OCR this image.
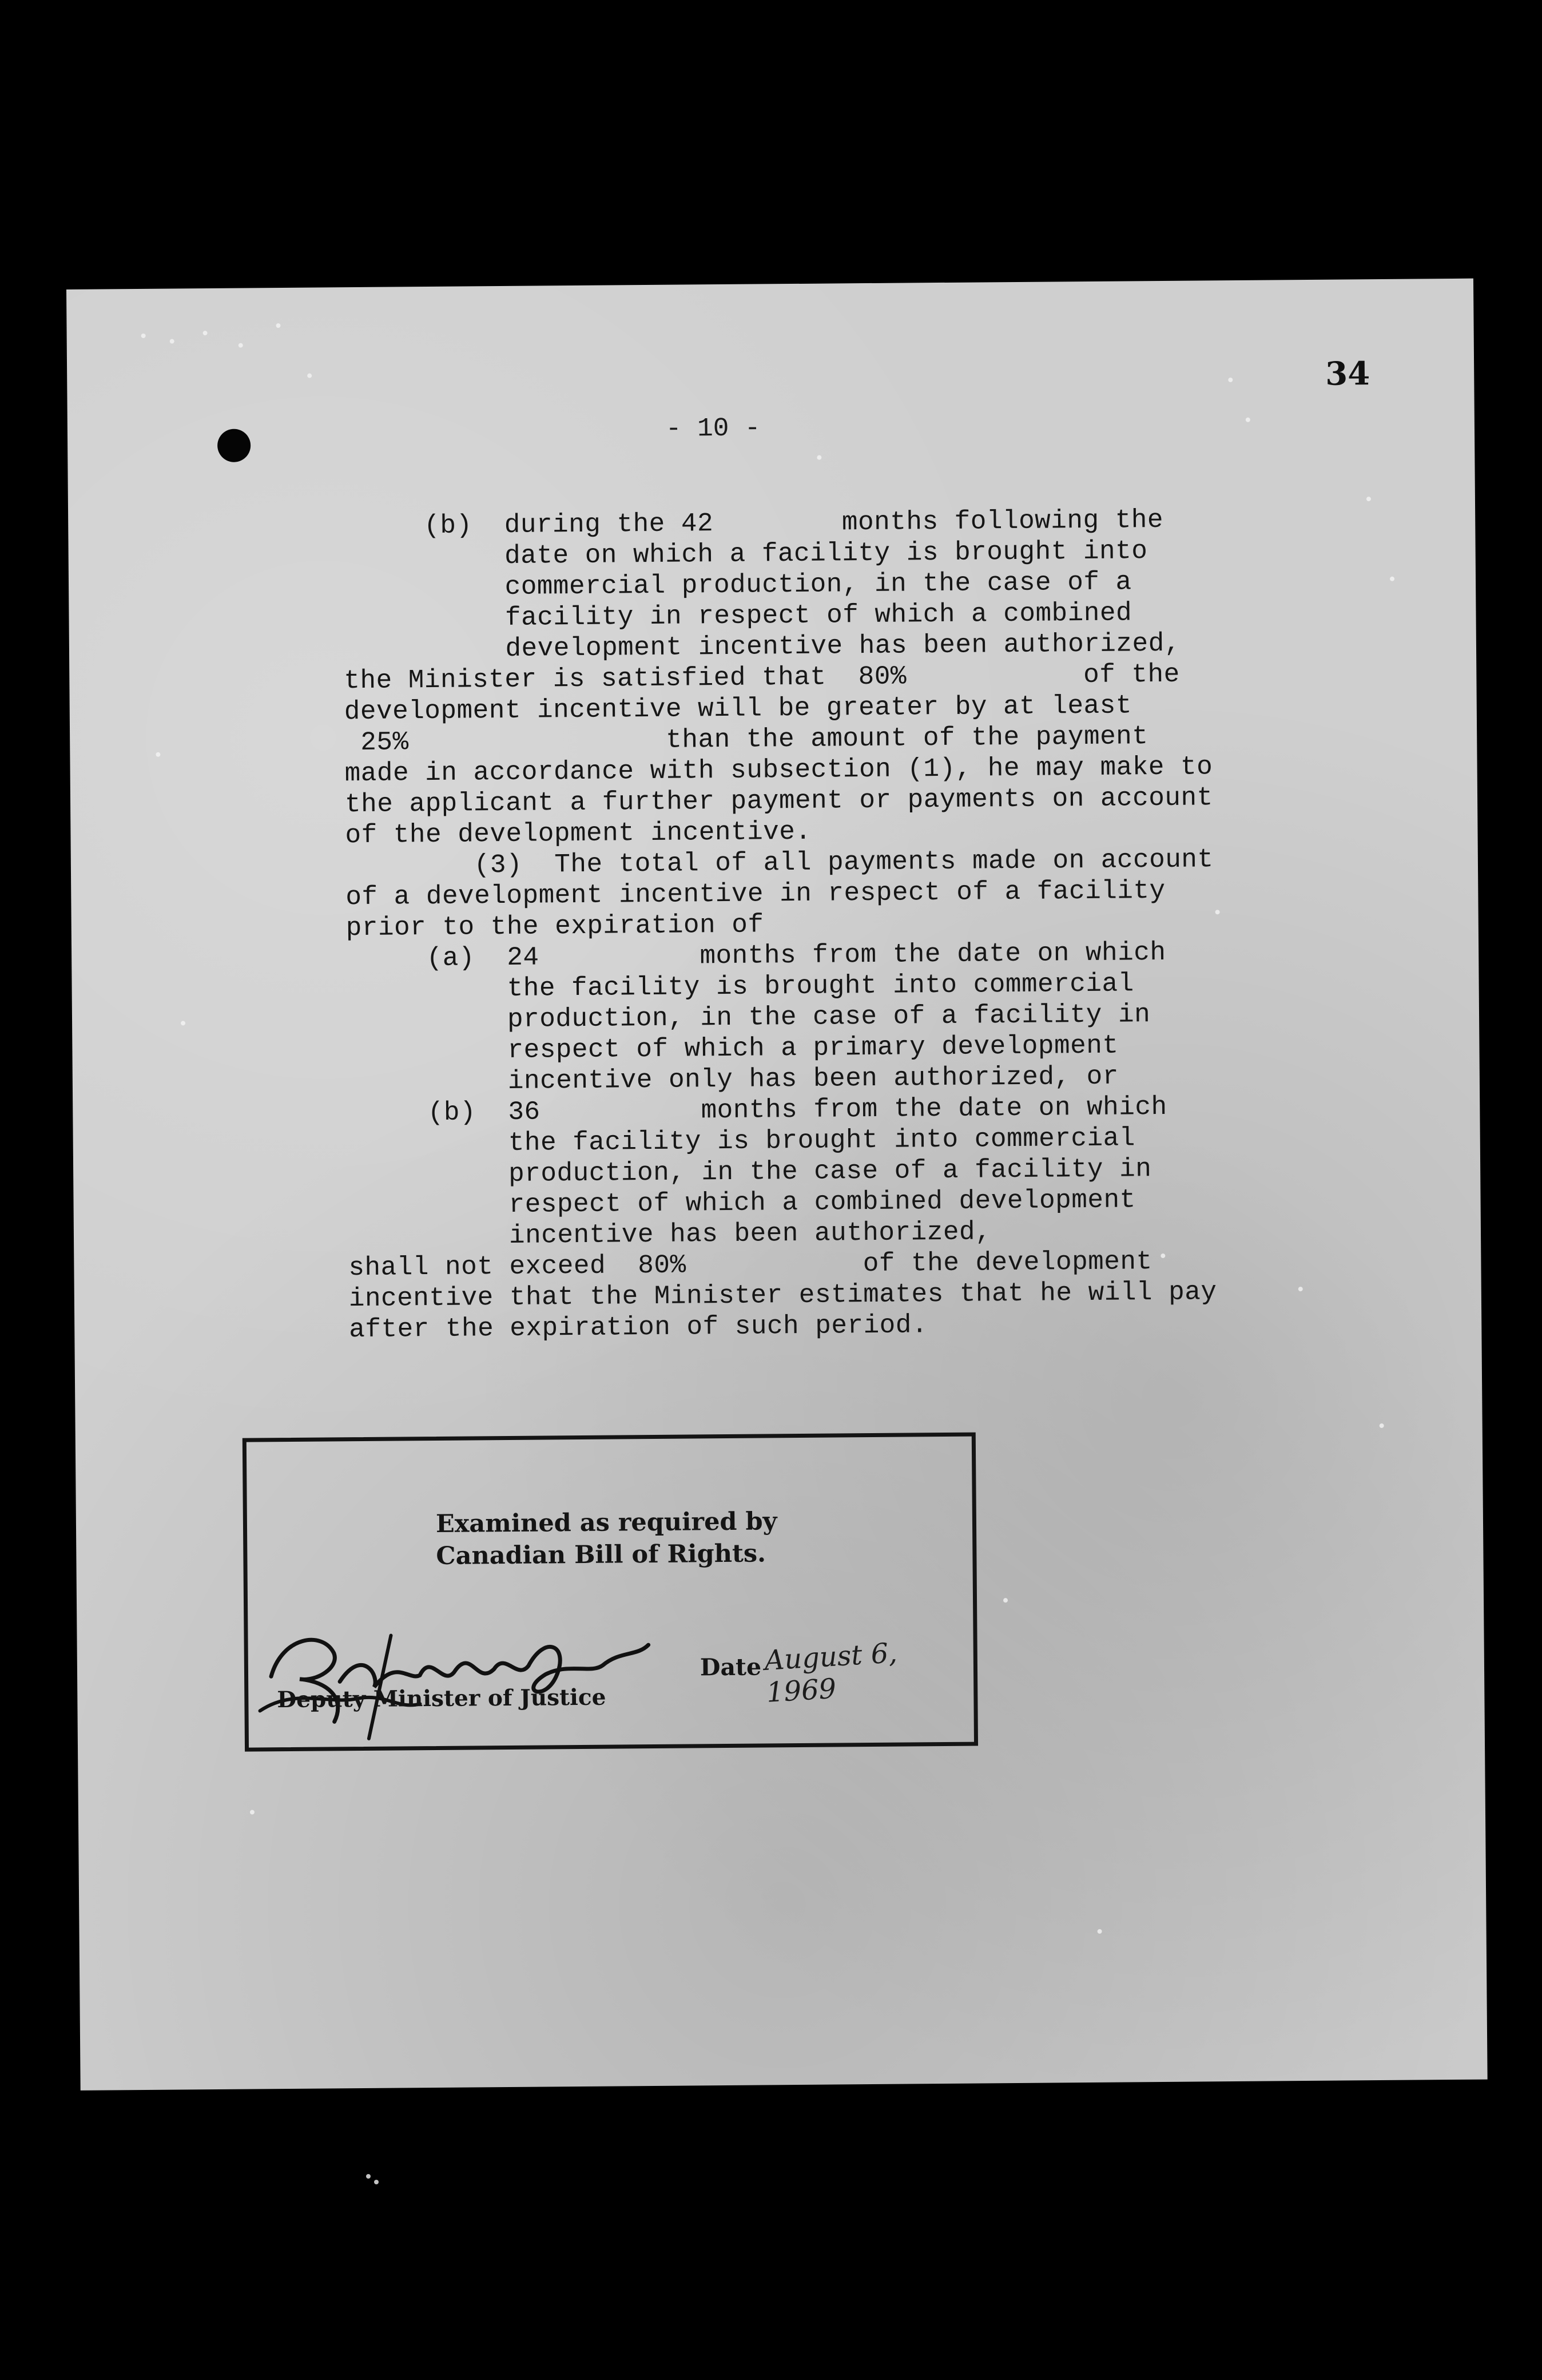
34
- 10 -
(b)  during the 42        months following the
date on which a facility is brought into
commercial production, in the case of a
facility in respect of which a combined
development incentive has been authorized,
the Minister is satisfied that  80%           of the
development incentive will be greater by at least
25%                than the amount of the payment
made in accordance with subsection (1), he may make to
the applicant a further payment or payments on account
of the development incentive.
(3)  The total of all payments made on account
of a development incentive in respect of a facility
prior to the expiration of
(a)  24          months from the date on which
the facility is brought into commercial
production, in the case of a facility in
respect of which a primary development
incentive only has been authorized, or
(b)  36          months from the date on which
the facility is brought into commercial
production, in the case of a facility in
respect of which a combined development
incentive has been authorized,
shall not exceed  80%           of the development
incentive that the Minister estimates that he will pay
after the expiration of such period.
Examined as required by
Canadian Bill of Rights.
Deputy Minister of Justice
Date August 6, 1969
